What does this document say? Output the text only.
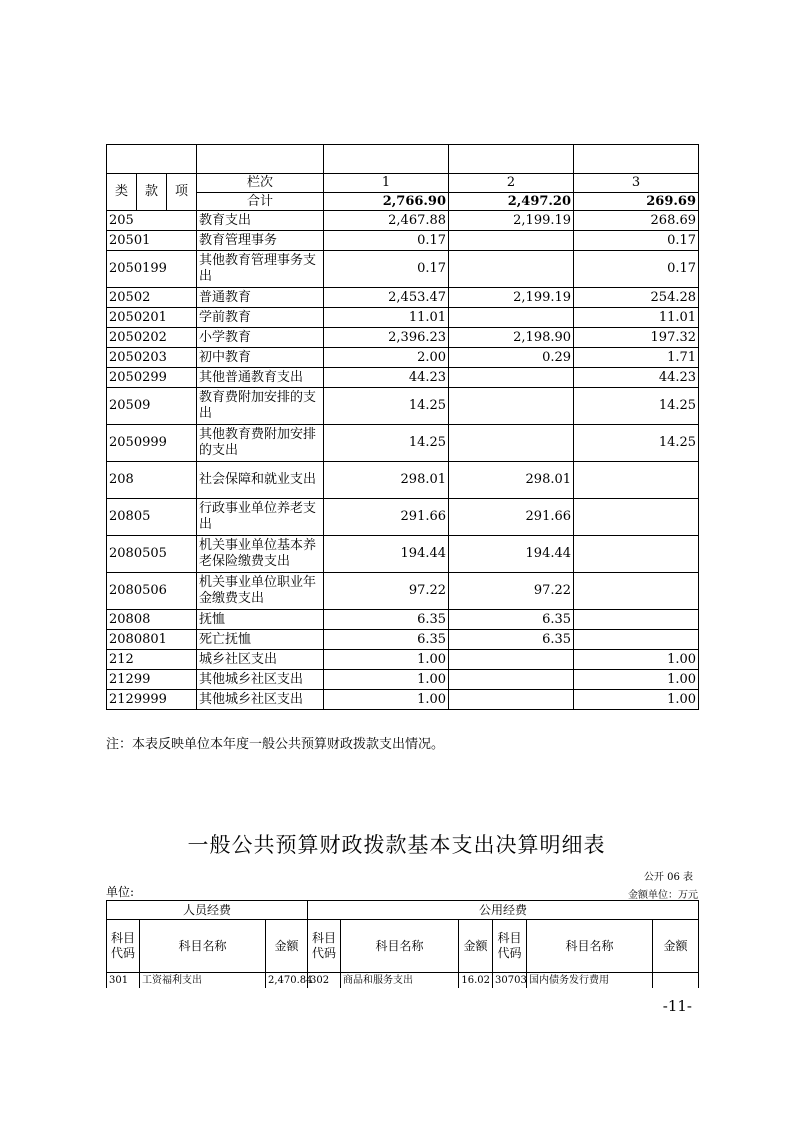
类	款	项	栏次	1	2	3
			合计	2,766.90	2,497.20	269.69
205			教育支出	2,467.88	2,199.19	268.69
20501			教育管理事务	0.17		0.17
2050199			其他教育管理事务支出	0.17		0.17
20502			普通教育	2,453.47	2,199.19	254.28
2050201			学前教育	11.01		11.01
2050202			小学教育	2,396.23	2,198.90	197.32
2050203			初中教育	2.00	0.29	1.71
2050299			其他普通教育支出	44.23		44.23
20509			教育费附加安排的支出	14.25		14.25
2050999			其他教育费附加安排的支出	14.25		14.25
208			社会保障和就业支出	298.01	298.01	
20805			行政事业单位养老支出	291.66	291.66	
2080505			机关事业单位基本养老保险缴费支出	194.44	194.44	
2080506			机关事业单位职业年金缴费支出	97.22	97.22	
20808			抚恤	6.35	6.35	
2080801			死亡抚恤	6.35	6.35	
212			城乡社区支出	1.00		1.00
21299			其他城乡社区支出	1.00		1.00
2129999			其他城乡社区支出	1.00		1.00
注：本表反映单位本年度一般公共预算财政拨款支出情况。
一般公共预算财政拨款基本支出决算明细表
公开 06 表
单位:	金额单位：万元
人员经费			公用经费					
科目代码	科目名称	金额	科目代码	科目名称	金额	科目代码	科目名称	金额
301	工资福利支出	2,470.84	302	商品和服务支出	16.02	30703	国内债务发行费用	
-11-
